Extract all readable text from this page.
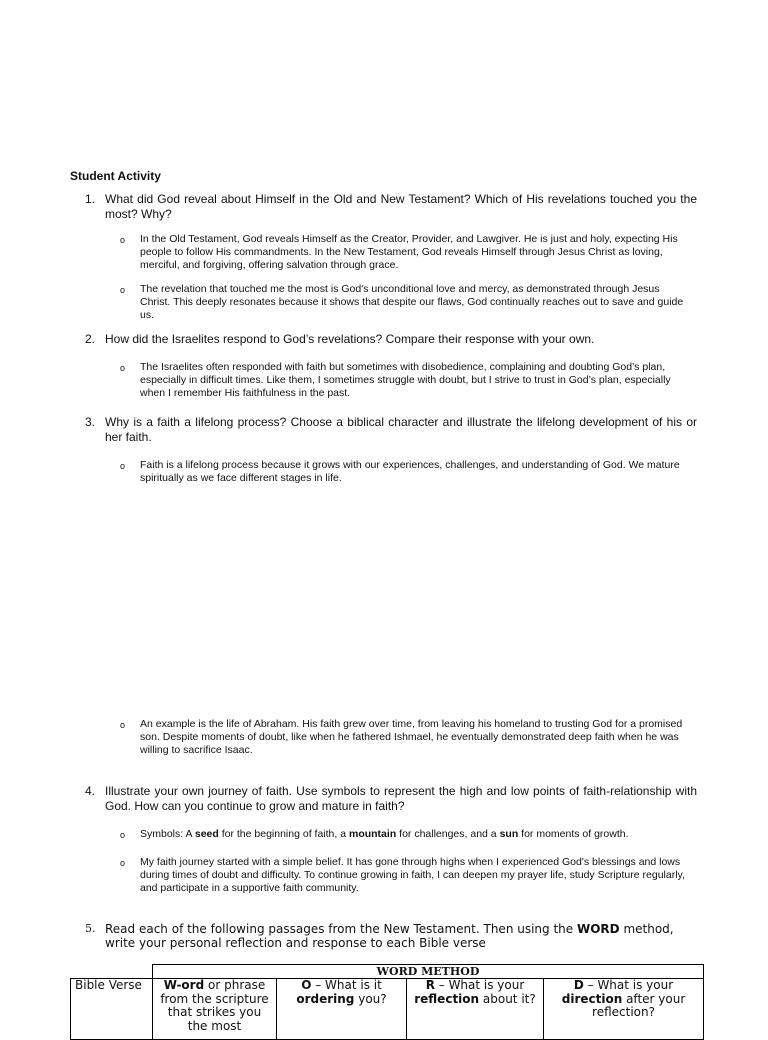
Student Activity
1. What did God reveal about Himself in the Old and New Testament? Which of His revelations touched you the most? Why?
o	In the Old Testament, God reveals Himself as the Creator, Provider, and Lawgiver. He is just and holy, expecting His people to follow His commandments. In the New Testament, God reveals Himself through Jesus Christ as loving, merciful, and forgiving, offering salvation through grace.
o	The revelation that touched me the most is God's unconditional love and mercy, as demonstrated through Jesus Christ. This deeply resonates because it shows that despite our flaws, God continually reaches out to save and guide us.
2. How did the Israelites respond to God’s revelations? Compare their response with your own.
o	The Israelites often responded with faith but sometimes with disobedience, complaining and doubting God’s plan, especially in difficult times. Like them, I sometimes struggle with doubt, but I strive to trust in God’s plan, especially when I remember His faithfulness in the past.
3. Why is a faith a lifelong process? Choose a biblical character and illustrate the lifelong development of his or her faith.
o	Faith is a lifelong process because it grows with our experiences, challenges, and understanding of God. We mature spiritually as we face different stages in life.
o	An example is the life of Abraham. His faith grew over time, from leaving his homeland to trusting God for a promised son. Despite moments of doubt, like when he fathered Ishmael, he eventually demonstrated deep faith when he was willing to sacrifice Isaac.
4. Illustrate your own journey of faith. Use symbols to represent the high and low points of faith-relationship with God. How can you continue to grow and mature in faith?
o	Symbols: A seed for the beginning of faith, a mountain for challenges, and a sun for moments of growth.
o	My faith journey started with a simple belief. It has gone through highs when I experienced God's blessings and lows during times of doubt and difficulty. To continue growing in faith, I can deepen my prayer life, study Scripture regularly, and participate in a supportive faith community.
5. Read each of the following passages from the New Testament. Then using the WORD method, write your personal reflection and response to each Bible verse
	WORD METHOD			
Bible Verse	W-ord or phrase from the scripture that strikes you the most	O – What is it ordering you?	R – What is your reflection about it?	D – What is your direction after your reflection?
